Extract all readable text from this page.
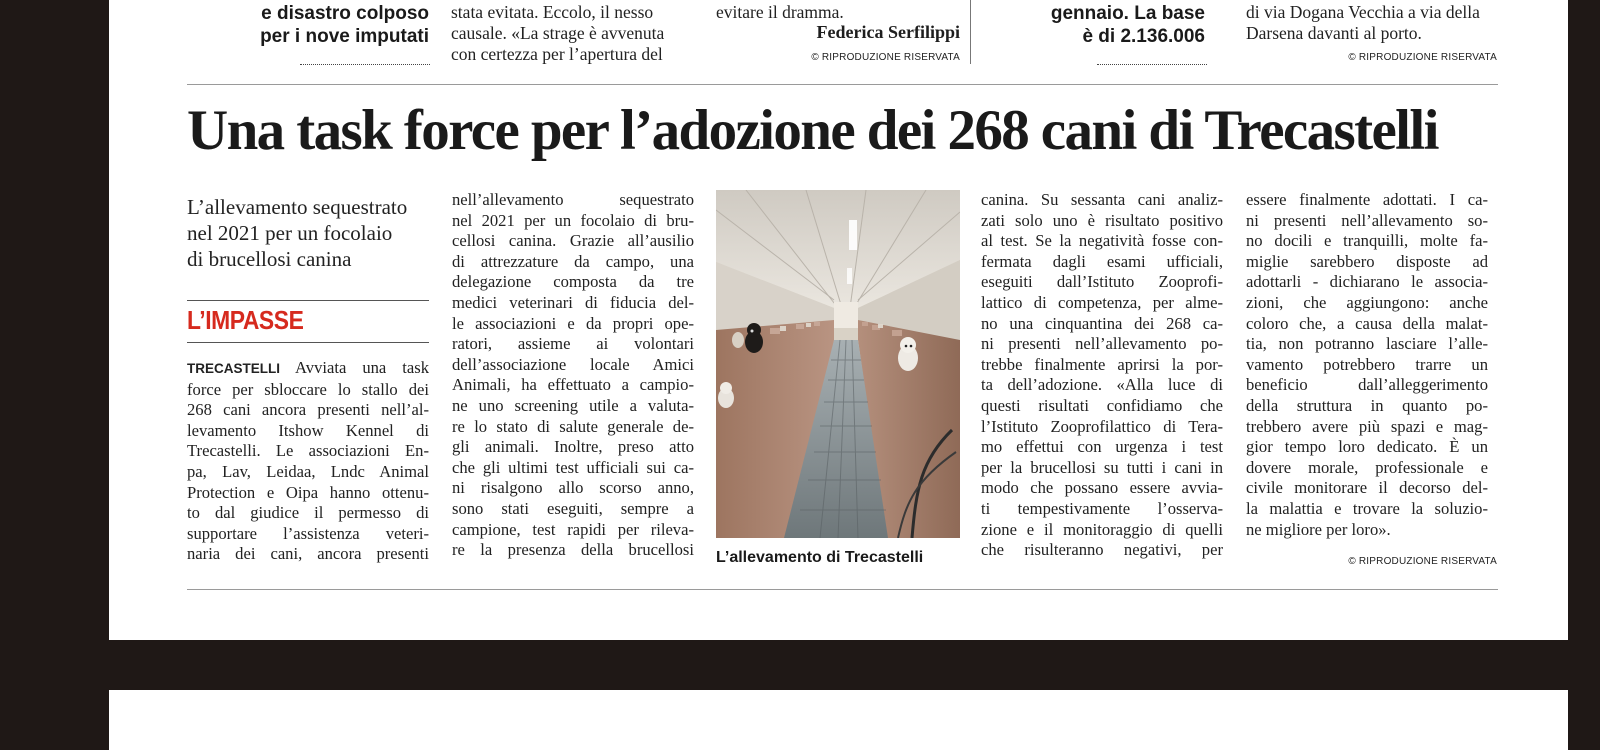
e disastro colposo
per i nove imputati
stata evitata. Eccolo, il nesso
causale. «La strage è avvenuta
con certezza per l’apertura del
evitare il dramma.
Federica Serfilippi
© RIPRODUZIONE RISERVATA
gennaio. La base
è di 2.136.006
di via Dogana Vecchia a via della
Darsena davanti al porto.
© RIPRODUZIONE RISERVATA
Una task force per l’adozione dei 268 cani di Trecastelli
L’allevamento sequestrato
nel 2021 per un focolaio
di brucellosi canina
L’IMPASSE
TRECASTELLI Avviata una task
force per sbloccare lo stallo dei
268 cani ancora presenti nell’al-
levamento Itshow Kennel di
Trecastelli. Le associazioni En-
pa, Lav, Leidaa, Lndc Animal
Protection e Oipa hanno ottenu-
to dal giudice il permesso di
supportare l’assistenza veteri-
naria dei cani, ancora presenti
nell’allevamento sequestrato
nel 2021 per un focolaio di bru-
cellosi canina. Grazie all’ausilio
di attrezzature da campo, una
delegazione composta da tre
medici veterinari di fiducia del-
le associazioni e da propri ope-
ratori, assieme ai volontari
dell’associazione locale Amici
Animali, ha effettuato a campio-
ne uno screening utile a valuta-
re lo stato di salute generale de-
gli animali. Inoltre, preso atto
che gli ultimi test ufficiali sui ca-
ni risalgono allo scorso anno,
sono stati eseguiti, sempre a
campione, test rapidi per rileva-
re la presenza della brucellosi L’allevamento di Trecastelli
canina. Su sessanta cani analiz-
zati solo uno è risultato positivo
al test. Se la negatività fosse con-
fermata dagli esami ufficiali,
eseguiti dall’Istituto Zooprofi-
lattico di competenza, per alme-
no una cinquantina dei 268 ca-
ni presenti nell’allevamento po-
trebbe finalmente aprirsi la por-
ta dell’adozione. «Alla luce di
questi risultati confidiamo che
l’Istituto Zooprofilattico di Tera-
mo effettui con urgenza i test
per la brucellosi su tutti i cani in
modo che possano essere avvia-
ti tempestivamente l’osserva-
zione e il monitoraggio di quelli
che risulteranno negativi, per
essere finalmente adottati. I ca-
ni presenti nell’allevamento so-
no docili e tranquilli, molte fa-
miglie sarebbero disposte ad
adottarli - dichiarano le associa-
zioni, che aggiungono: anche
coloro che, a causa della malat-
tia, non potranno lasciare l’alle-
vamento potrebbero trarre un
beneficio dall’alleggerimento
della struttura in quanto po-
trebbero avere più spazi e mag-
gior tempo loro dedicato. È un
dovere morale, professionale e
civile monitorare il decorso del-
la malattia e trovare la soluzio-
ne migliore per loro».
© RIPRODUZIONE RISERVATA
